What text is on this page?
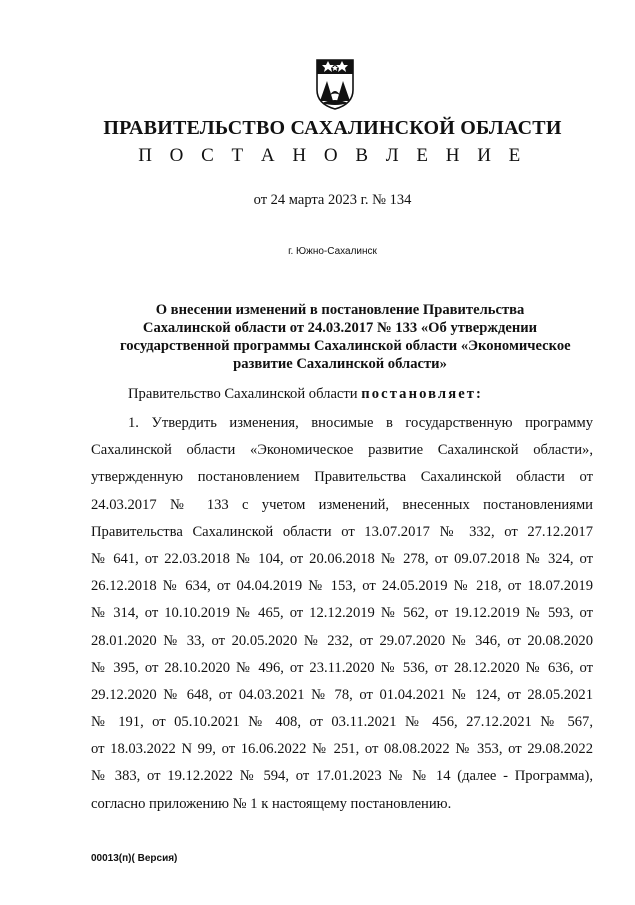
ПРАВИТЕЛЬСТВО САХАЛИНСКОЙ ОБЛАСТИ
П О С Т А Н О В Л Е Н И Е
от 24 марта 2023 г. № 134
г. Южно-Сахалинск
О внесении изменений в постановление Правительства
Сахалинской области от 24.03.2017 № 133 «Об утверждении
государственной программы Сахалинской области «Экономическое
развитие Сахалинской области»
Правительство Сахалинской области постановляет:
1. Утвердить изменения, вносимые в государственную программу
Сахалинской области «Экономическое развитие Сахалинской области»,
утвержденную постановлением Правительства Сахалинской области от
24.03.2017 № 133 с учетом изменений, внесенных постановлениями
Правительства Сахалинской области от 13.07.2017 № 332, от 27.12.2017
№ 641, от 22.03.2018 № 104, от 20.06.2018 № 278, от 09.07.2018 № 324, от
26.12.2018 № 634, от 04.04.2019 № 153, от 24.05.2019 № 218, от 18.07.2019
№ 314, от 10.10.2019 № 465, от 12.12.2019 № 562, от 19.12.2019 № 593, от
28.01.2020 № 33, от 20.05.2020 № 232, от 29.07.2020 № 346, от 20.08.2020
№ 395, от 28.10.2020 № 496, от 23.11.2020 № 536, от 28.12.2020 № 636, от
29.12.2020 № 648, от 04.03.2021 № 78, от 01.04.2021 № 124, от 28.05.2021
№ 191, от 05.10.2021 № 408, от 03.11.2021 № 456, 27.12.2021 № 567,
от 18.03.2022 N 99, от 16.06.2022 № 251, от 08.08.2022 № 353, от 29.08.2022
№ 383, от 19.12.2022 № 594, от 17.01.2023 № № 14 (далее - Программа),
согласно приложению № 1 к настоящему постановлению.
00013(п)( Версия)
